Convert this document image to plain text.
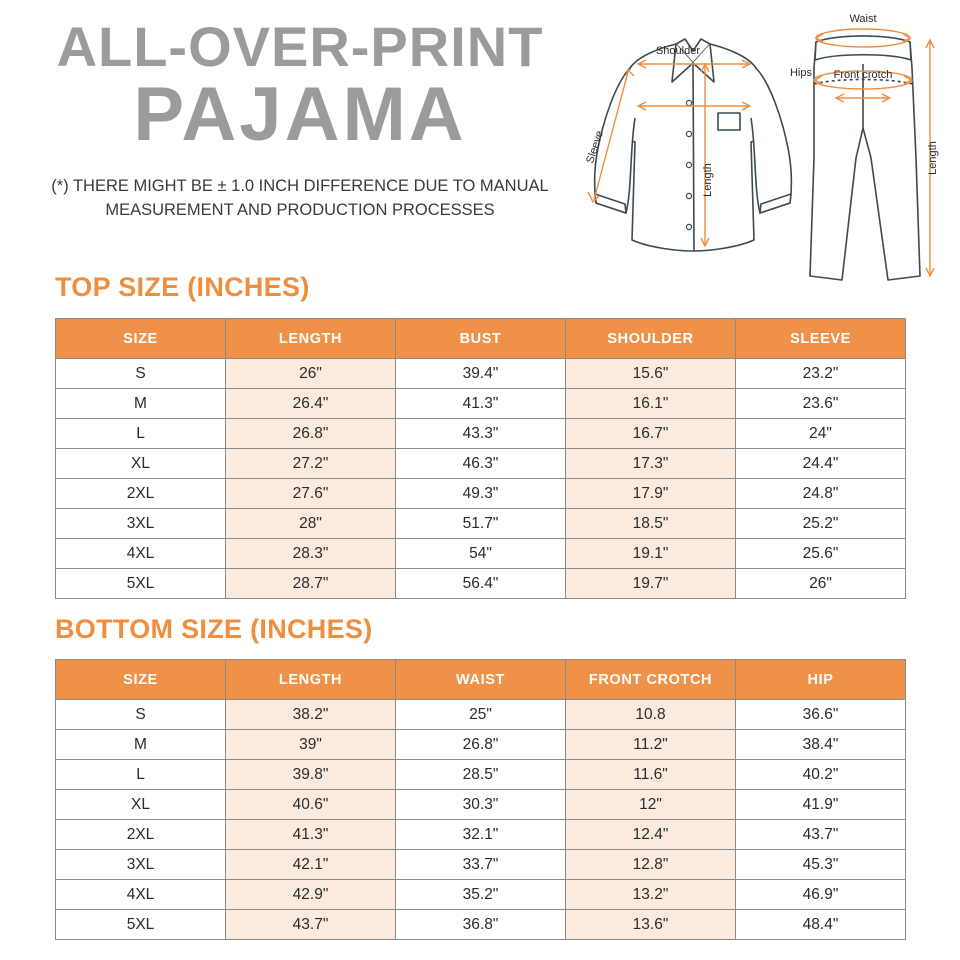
ALL-OVER-PRINT
PAJAMA
(*) THERE MIGHT BE ± 1.0 INCH DIFFERENCE DUE TO MANUAL MEASUREMENT AND PRODUCTION PROCESSES
Shoulder
Length
Sleeve
Waist
Hips Front crotch
Length
TOP SIZE (INCHES)
SIZE	LENGTH	BUST	SHOULDER	SLEEVE
S	26"	39.4"	15.6"	23.2"
M	26.4"	41.3"	16.1"	23.6"
L	26.8"	43.3"	16.7"	24"
XL	27.2"	46.3"	17.3"	24.4"
2XL	27.6"	49.3"	17.9"	24.8"
3XL	28"	51.7"	18.5"	25.2"
4XL	28.3"	54"	19.1"	25.6"
5XL	28.7"	56.4"	19.7"	26"
BOTTOM SIZE (INCHES)
SIZE	LENGTH	WAIST	FRONT CROTCH	HIP
S	38.2"	25"	10.8	36.6"
M	39"	26.8"	11.2"	38.4"
L	39.8"	28.5"	11.6"	40.2"
XL	40.6"	30.3"	12"	41.9"
2XL	41.3"	32.1"	12.4"	43.7"
3XL	42.1"	33.7"	12.8"	45.3"
4XL	42.9"	35.2"	13.2"	46.9"
5XL	43.7"	36.8"	13.6"	48.4"
